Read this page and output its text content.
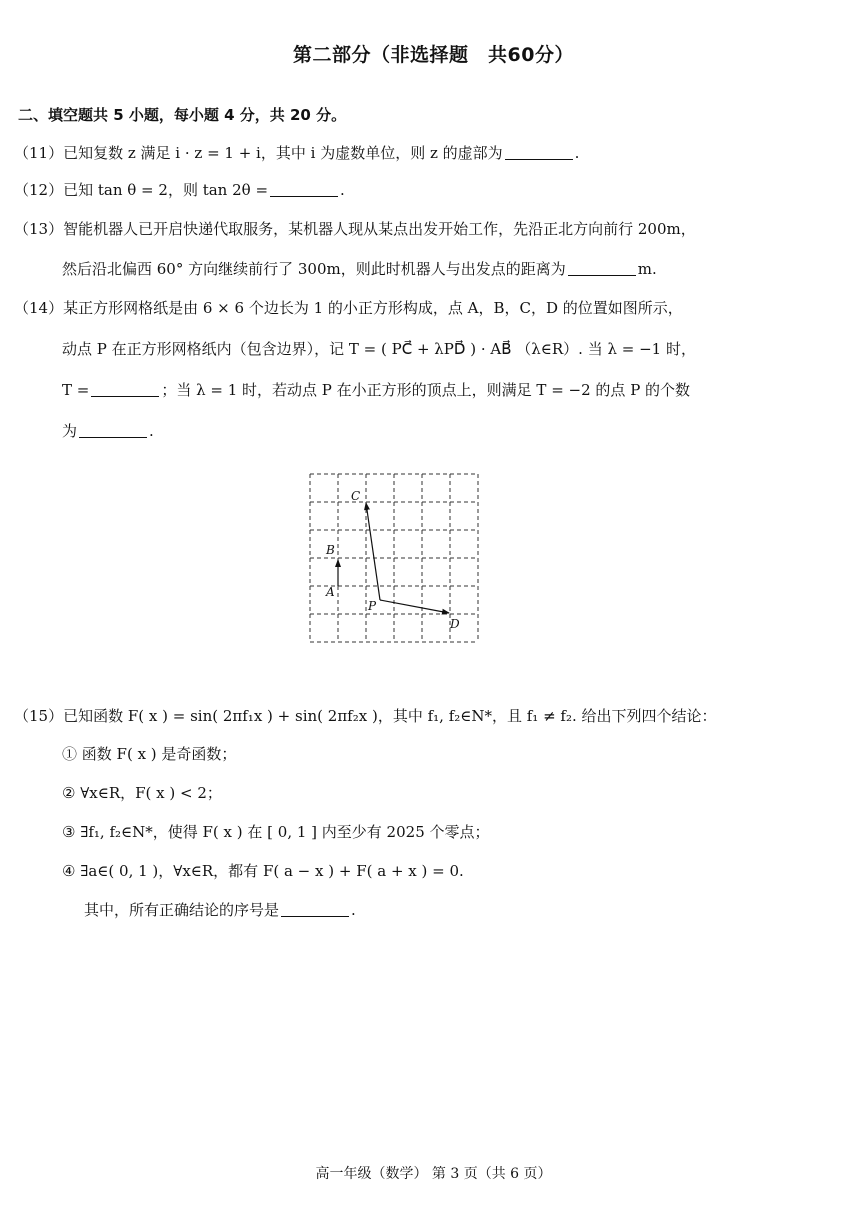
第二部分（非选择题　共60分）
二、填空题共 5 小题，每小题 4 分，共 20 分。
（11）已知复数 z 满足 i · z = 1 + i，其中 i 为虚数单位，则 z 的虚部为	.
（12）已知 tan θ = 2，则 tan 2θ =	.
（13）智能机器人已开启快递代取服务，某机器人现从某点出发开始工作，先沿正北方向前行 200m，
然后沿北偏西 60° 方向继续前行了 300m，则此时机器人与出发点的距离为	m.
（14）某正方形网格纸是由 6 × 6 个边长为 1 的小正方形构成，点 A，B，C，D 的位置如图所示，
动点 P 在正方形网格纸内（包含边界），记 T = ( PC⃗ + λPD⃗ ) · AB⃗ （λ∈R）. 当 λ = −1 时，
T =	；当 λ = 1 时，若动点 P 在小正方形的顶点上，则满足 T = −2 的点 P 的个数
为	.
A
B
C
D
P
（15）已知函数 F( x ) = sin( 2πf₁x ) + sin( 2πf₂x )，其中 f₁, f₂∈N*，且 f₁ ≠ f₂. 给出下列四个结论：
① 函数 F( x ) 是奇函数；
② ∀x∈R，F( x ) < 2；
③ ∃f₁, f₂∈N*，使得 F( x ) 在 [ 0, 1 ] 内至少有 2025 个零点；
④ ∃a∈( 0, 1 )，∀x∈R，都有 F( a − x ) + F( a + x ) = 0.
其中，所有正确结论的序号是	.
高一年级（数学） 第 3 页（共 6 页）
